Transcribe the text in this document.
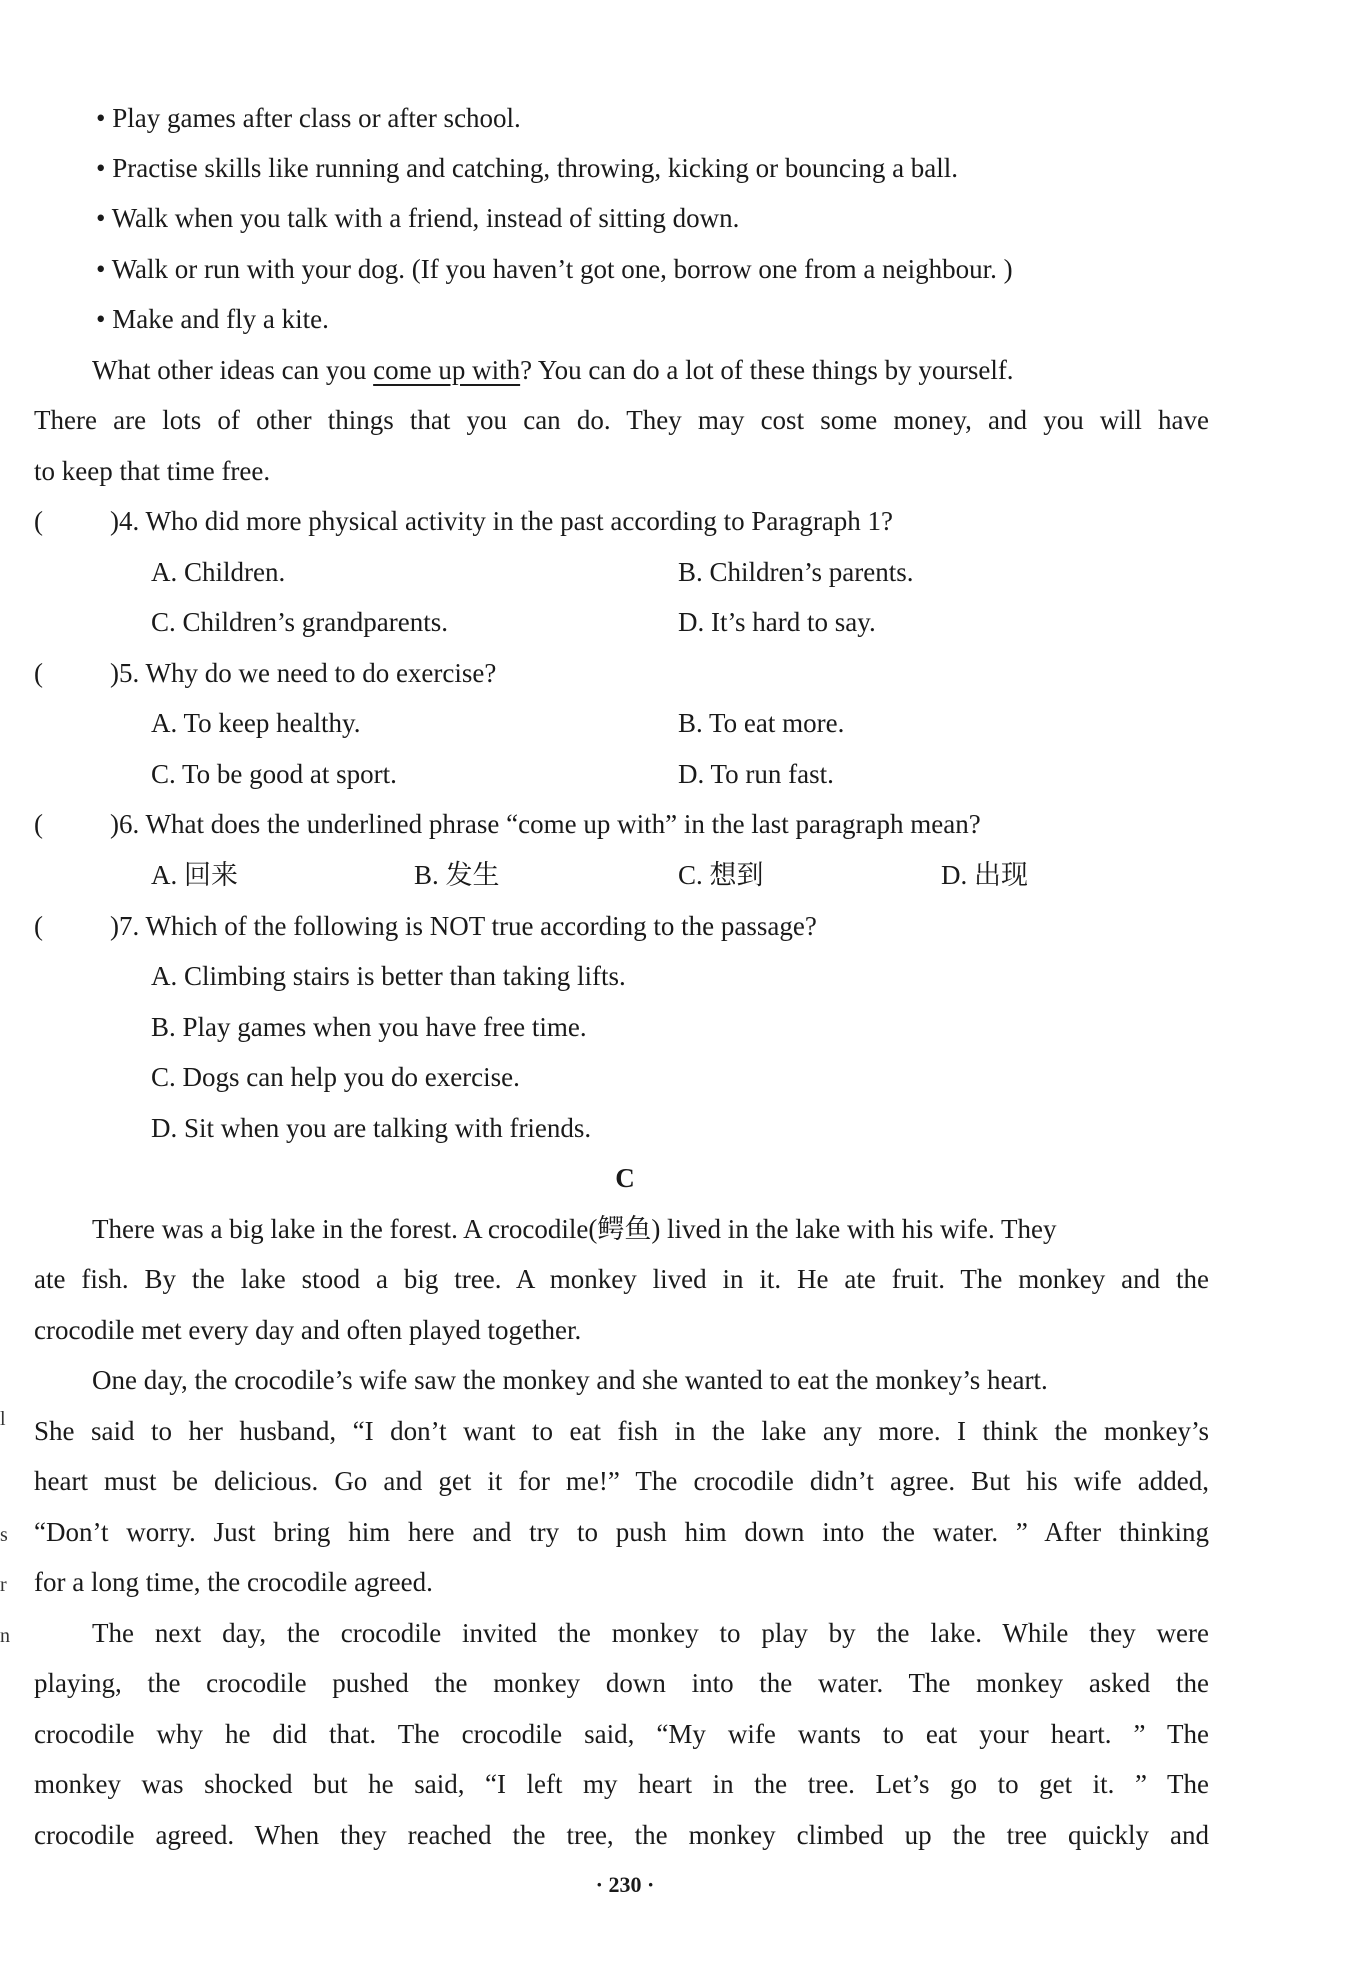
• Play games after class or after school.
• Practise skills like running and catching, throwing, kicking or bouncing a ball.
• Walk when you talk with a friend, instead of sitting down.
• Walk or run with your dog. (If you haven’t got one, borrow one from a neighbour. )
• Make and fly a kite.
What other ideas can you come up with? You can do a lot of these things by yourself.
There are lots of other things that you can do. They may cost some money, and you will have
to keep that time free.
( )4. Who did more physical activity in the past according to Paragraph 1?
A. Children.	B. Children’s parents.
C. Children’s grandparents.	D. It’s hard to say.
( )5. Why do we need to do exercise?
A. To keep healthy.	B. To eat more.
C. To be good at sport.	D. To run fast.
( )6. What does the underlined phrase “come up with” in the last paragraph mean?
A. 回来	B. 发生	C. 想到	D. 出现
( )7. Which of the following is NOT true according to the passage?
A. Climbing stairs is better than taking lifts.
B. Play games when you have free time.
C. Dogs can help you do exercise.
D. Sit when you are talking with friends.
C
There was a big lake in the forest. A crocodile(鳄鱼) lived in the lake with his wife. They
ate fish. By the lake stood a big tree. A monkey lived in it. He ate fruit. The monkey and the
crocodile met every day and often played together.
One day, the crocodile’s wife saw the monkey and she wanted to eat the monkey’s heart.
She said to her husband, “I don’t want to eat fish in the lake any more. I think the monkey’s
heart must be delicious. Go and get it for me!” The crocodile didn’t agree. But his wife added,
“Don’t worry. Just bring him here and try to push him down into the water. ” After thinking
for a long time, the crocodile agreed.
The next day, the crocodile invited the monkey to play by the lake. While they were
playing, the crocodile pushed the monkey down into the water. The monkey asked the
crocodile why he did that. The crocodile said, “My wife wants to eat your heart. ” The
monkey was shocked but he said, “I left my heart in the tree. Let’s go to get it. ” The
crocodile agreed. When they reached the tree, the monkey climbed up the tree quickly and
· 230 ·
l
s
r
n
